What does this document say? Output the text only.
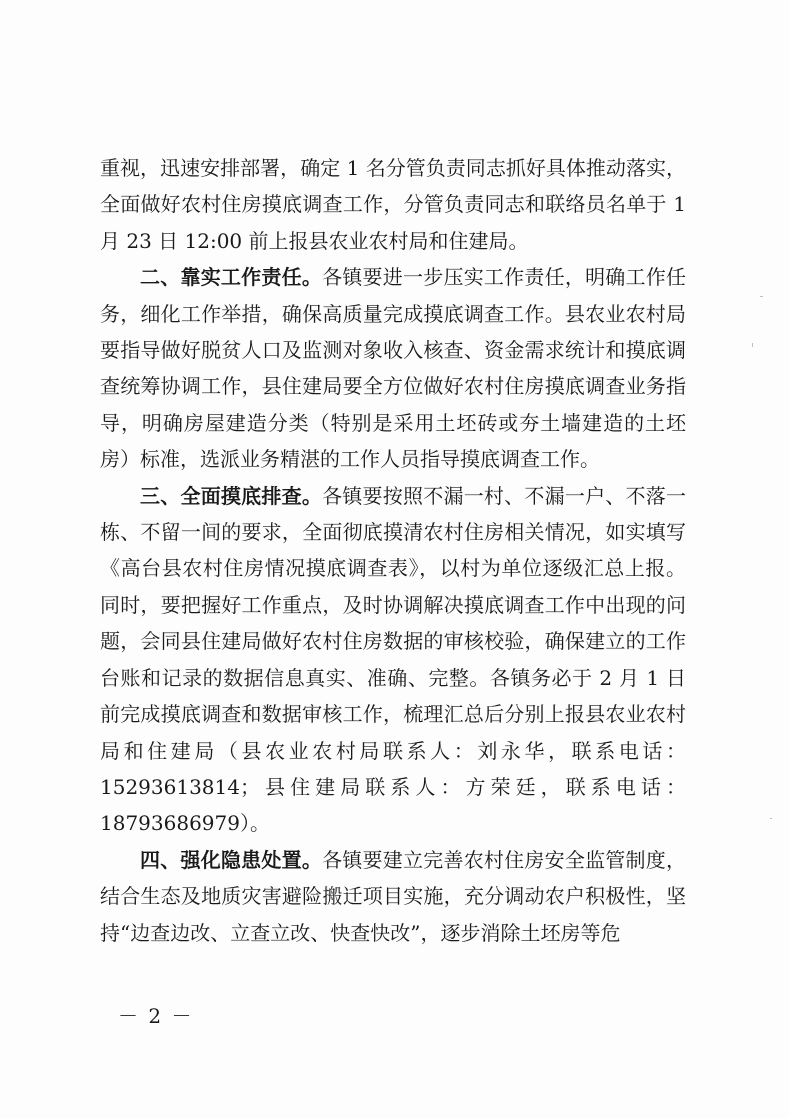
重视，迅速安排部署，确定 1 名分管负责同志抓好具体推动落实，全面做好农村住房摸底调查工作，分管负责同志和联络员名单于 1 月 23 日 12:00 前上报县农业农村局和住建局。

二、靠实工作责任。各镇要进一步压实工作责任，明确工作任务，细化工作举措，确保高质量完成摸底调查工作。县农业农村局要指导做好脱贫人口及监测对象收入核查、资金需求统计和摸底调查统筹协调工作，县住建局要全方位做好农村住房摸底调查业务指导，明确房屋建造分类（特别是采用土坯砖或夯土墙建造的土坯房）标准，选派业务精湛的工作人员指导摸底调查工作。

三、全面摸底排查。各镇要按照不漏一村、不漏一户、不落一栋、不留一间的要求，全面彻底摸清农村住房相关情况，如实填写《高台县农村住房情况摸底调查表》，以村为单位逐级汇总上报。同时，要把握好工作重点，及时协调解决摸底调查工作中出现的问题，会同县住建局做好农村住房数据的审核校验，确保建立的工作台账和记录的数据信息真实、准确、完整。各镇务必于 2 月 1 日前完成摸底调查和数据审核工作，梳理汇总后分别上报县农业农村局和住建局（县农业农村局联系人：刘永华，联系电话：15293613814；县住建局联系人：方荣廷，联系电话：18793686979）。

四、强化隐患处置。各镇要建立完善农村住房安全监管制度，结合生态及地质灾害避险搬迁项目实施，充分调动农户积极性，坚持“边查边改、立查立改、快查快改”，逐步消除土坯房等危

－ 2 －
